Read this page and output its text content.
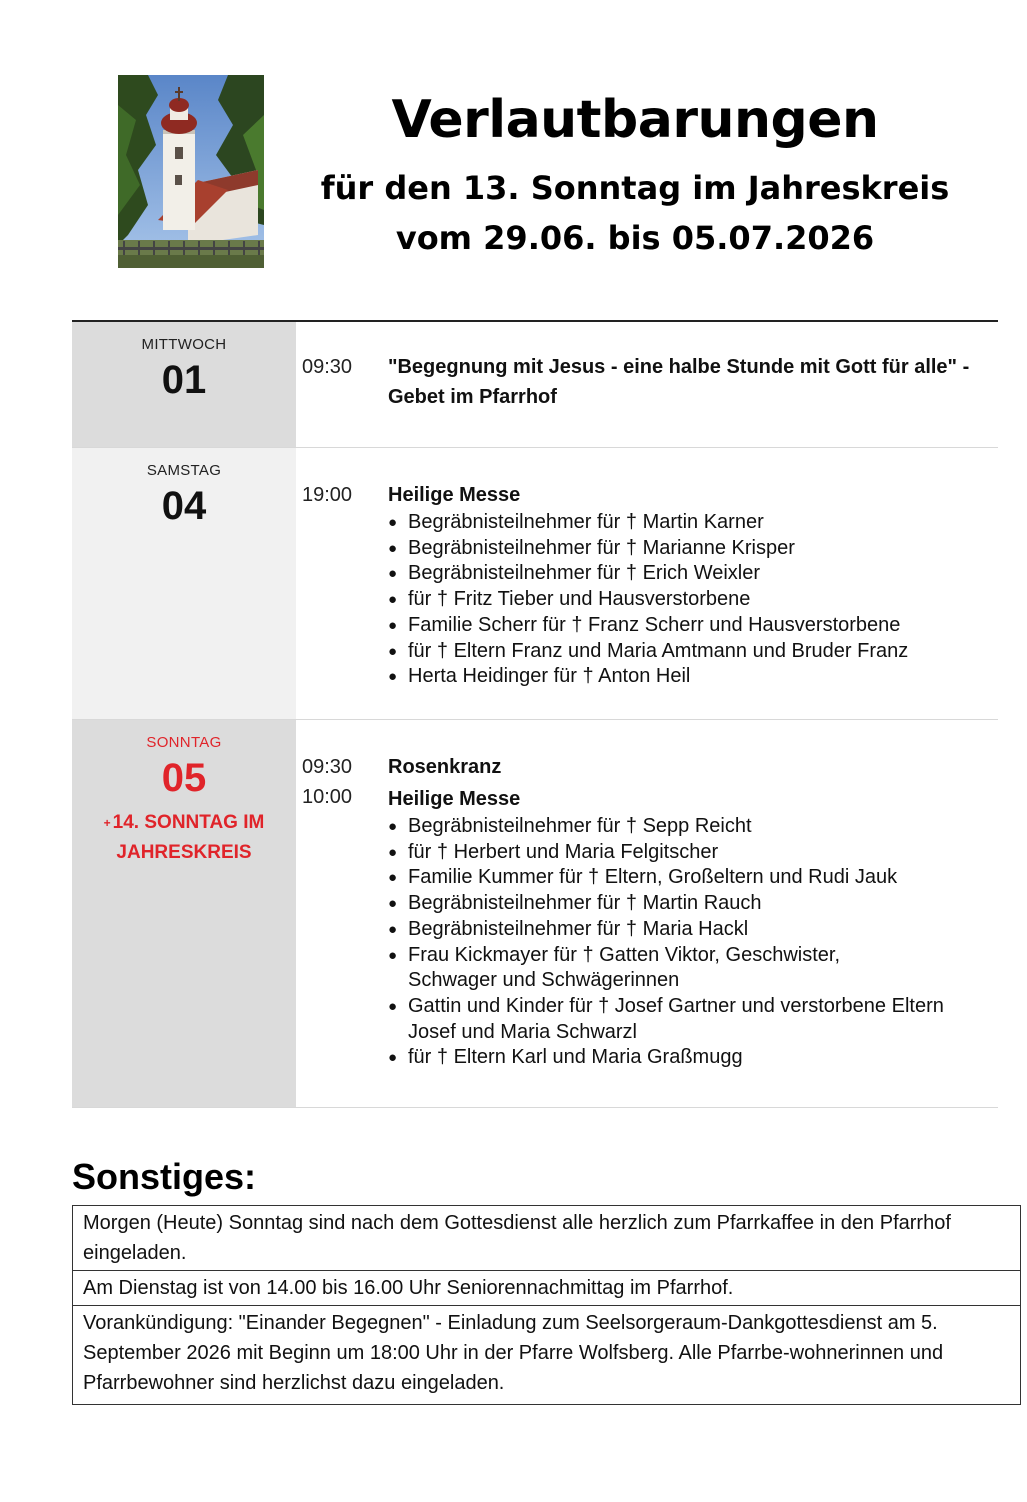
Verlautbarungen
für den 13. Sonntag im Jahreskreis
vom 29.06. bis 05.07.2026
MITTWOCH
01	09:30	"Begegnung mit Jesus - eine halbe Stunde mit Gott für alle" - Gebet im Pfarrhof
SAMSTAG
04	19:00	Heilige Messe
● Begräbnisteilnehmer für † Martin Karner
● Begräbnisteilnehmer für † Marianne Krisper
● Begräbnisteilnehmer für † Erich Weixler
● für † Fritz Tieber und Hausverstorbene
● Familie Scherr für † Franz Scherr und Hausverstorbene
● für † Eltern Franz und Maria Amtmann und Bruder Franz
● Herta Heidinger für † Anton Heil
SONNTAG
05
+ 14. SONNTAG IM JAHRESKREIS
09:30	Rosenkranz
10:00	Heilige Messe
● Begräbnisteilnehmer für † Sepp Reicht
● für † Herbert und Maria Felgitscher
● Familie Kummer für † Eltern, Großeltern und Rudi Jauk
● Begräbnisteilnehmer für † Martin Rauch
● Begräbnisteilnehmer für † Maria Hackl
● Frau Kickmayer für † Gatten Viktor, Geschwister, Schwager und Schwägerinnen
● Gattin und Kinder für † Josef Gartner und verstorbene Eltern Josef und Maria Schwarzl
● für † Eltern Karl und Maria Graßmugg
Sonstiges:
Morgen (Heute) Sonntag sind nach dem Gottesdienst alle herzlich zum Pfarrkaffee in den Pfarrhof eingeladen.
Am Dienstag ist von 14.00 bis 16.00 Uhr Seniorennachmittag im Pfarrhof.
Vorankündigung: "Einander Begegnen" - Einladung zum Seelsorgeraum-Dankgottesdienst am 5. September 2026 mit Beginn um 18:00 Uhr in der Pfarre Wolfsberg. Alle Pfarrbe-wohnerinnen und Pfarrbewohner sind herzlichst dazu eingeladen.
